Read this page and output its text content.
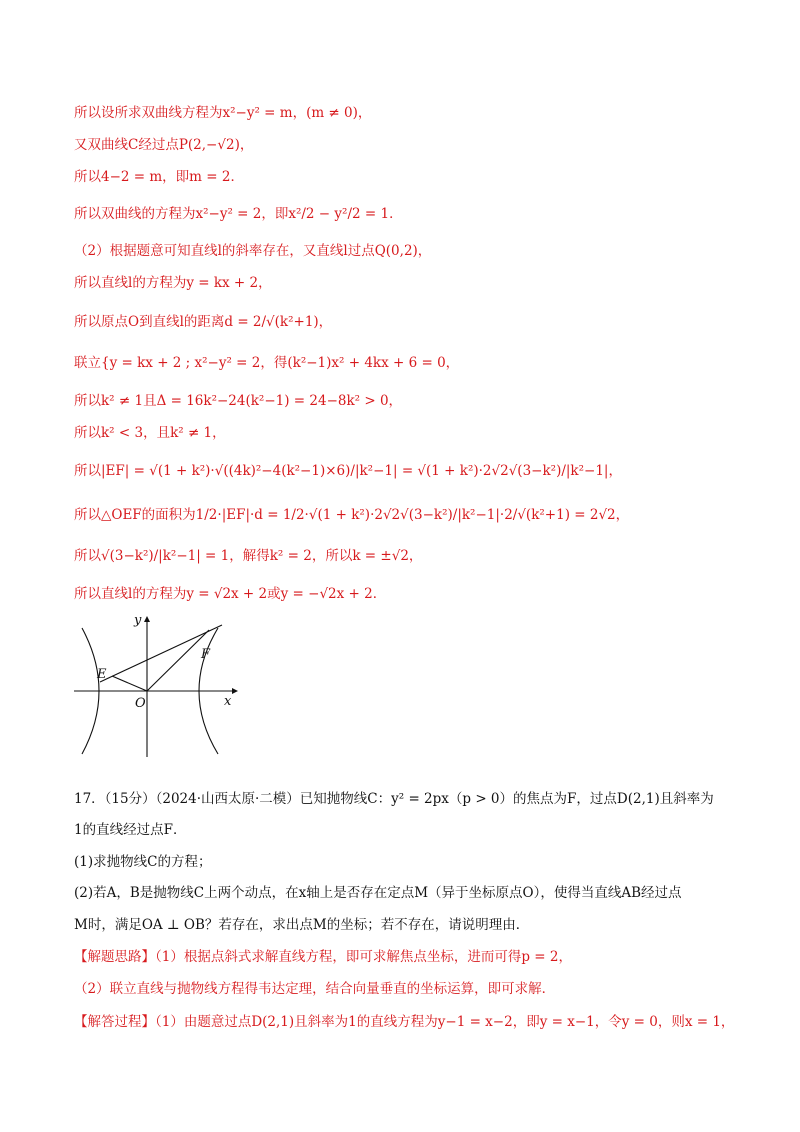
所以设所求双曲线方程为x²−y² = m，(m ≠ 0)，
又双曲线C经过点P(2,−√2)，
所以4−2 = m，即m = 2．
所以双曲线的方程为x²−y² = 2，即x²/2 − y²/2 = 1．
（2）根据题意可知直线l的斜率存在，又直线l过点Q(0,2)，
所以直线l的方程为y = kx + 2，
所以原点O到直线l的距离d = 2/√(k²+1)，
联立{y = kx + 2 ; x²−y² = 2，得(k²−1)x² + 4kx + 6 = 0，
所以k² ≠ 1且Δ = 16k²−24(k²−1) = 24−8k² > 0，
所以k² < 3，且k² ≠ 1，
所以|EF| = √(1 + k²)·√((4k)²−4(k²−1)×6)/|k²−1| = √(1 + k²)·2√2√(3−k²)/|k²−1|，
所以△OEF的面积为1/2·|EF|·d = 1/2·√(1 + k²)·2√2√(3−k²)/|k²−1|·2/√(k²+1) = 2√2，
所以√(3−k²)/|k²−1| = 1，解得k² = 2，所以k = ±√2，
所以直线l的方程为y = √2x + 2或y = −√2x + 2．
y
x
O
E
F
17．（15分）（2024·山西太原·二模）已知抛物线C：y² = 2px（p > 0）的焦点为F，过点D(2,1)且斜率为
1的直线经过点F．
(1)求抛物线C的方程；
(2)若A，B是抛物线C上两个动点，在x轴上是否存在定点M（异于坐标原点O），使得当直线AB经过点
M时，满足OA ⊥ OB？若存在，求出点M的坐标；若不存在，请说明理由．
【解题思路】（1）根据点斜式求解直线方程，即可求解焦点坐标，进而可得p = 2，
（2）联立直线与抛物线方程得韦达定理，结合向量垂直的坐标运算，即可求解．
【解答过程】（1）由题意过点D(2,1)且斜率为1的直线方程为y−1 = x−2，即y = x−1，令y = 0，则x = 1，
